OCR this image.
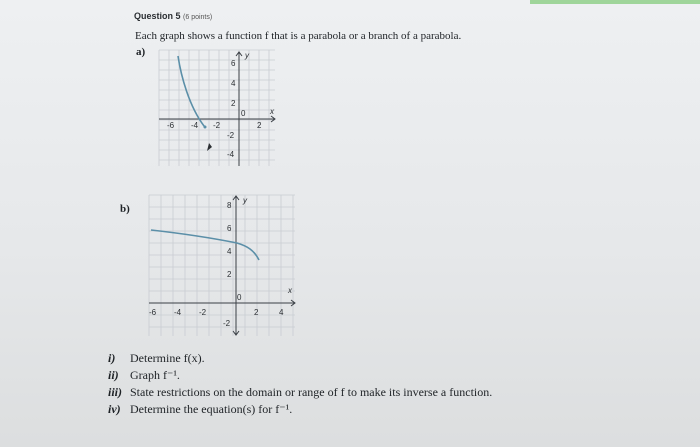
Question 5 (6 points)
Each graph shows a function f that is a parabola or a branch of a parabola.
a)
x
y
-6 -4 -2
0
2
6
4
2
-2
-4
b)
x
y
-6 -4 -2
0
2	4
8
6
4
2
-2
i) Determine f(x).
ii) Graph f⁻¹.
iii) State restrictions on the domain or range of f to make its inverse a function.
iv) Determine the equation(s) for f⁻¹.
